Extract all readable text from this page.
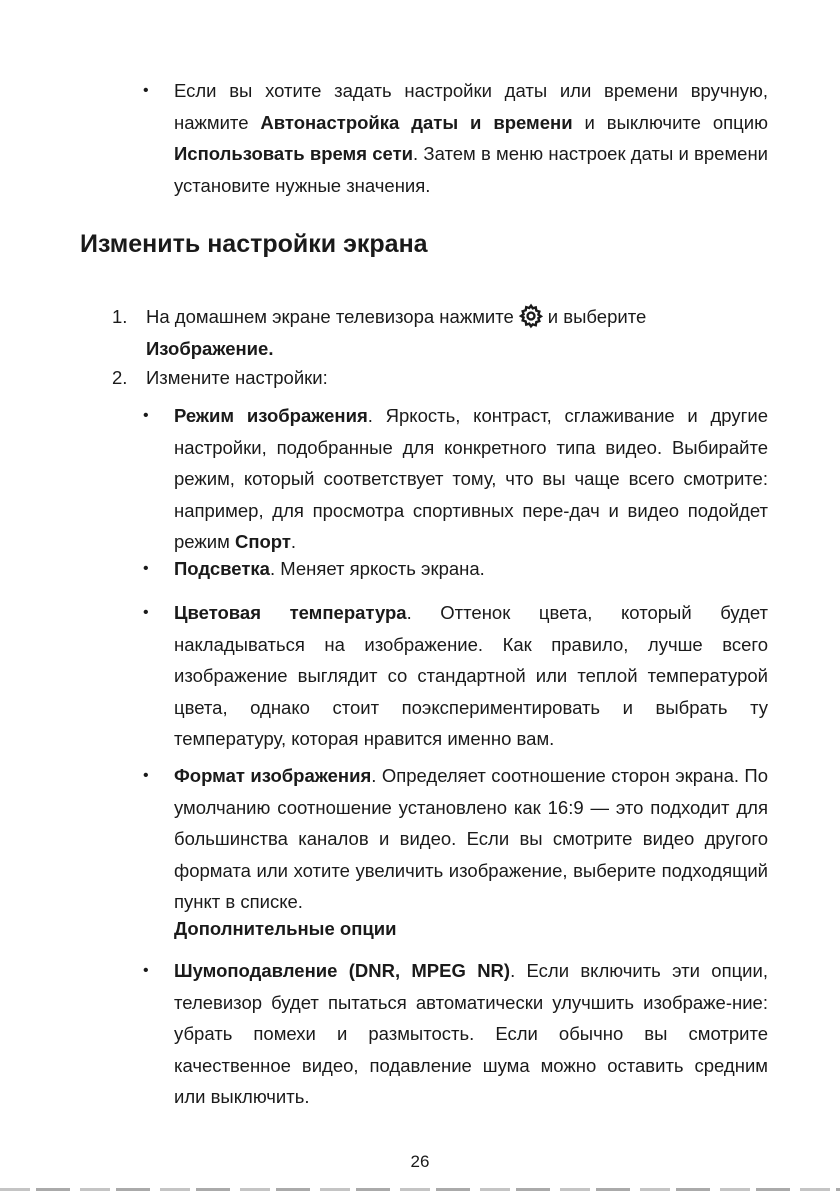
• Если вы хотите задать настройки даты или времени вручную, нажмите Автонастройка даты и времени и выключите опцию Использовать время сети. Затем в меню настроек даты и времени установите нужные значения.

Изменить настройки экрана
1. На домашнем экране телевизора нажмите и выберите
Изображение.

2. Измените настройки:

• Режим изображения. Яркость, контраст, сглаживание и другие настройки, подобранные для конкретного типа видео. Выбирайте режим, который соответствует тому, что вы чаще всего смотрите: например, для просмотра спортивных пере-дач и видео подойдет режим Спорт.

• Подсветка. Меняет яркость экрана.

• Цветовая температура. Оттенок цвета, который будет накладываться на изображение. Как правило, лучше всего изображение выглядит со стандартной или теплой температурой цвета, однако стоит поэкспериментировать и выбрать ту температуру, которая нравится именно вам.

• Формат изображения. Определяет соотношение сторон экрана. По умолчанию соотношение установлено как 16:9 — это подходит для большинства каналов и видео. Если вы смотрите видео другого формата или хотите увеличить изображение, выберите подходящий пункт в списке.

Дополнительные опции
• Шумоподавление (DNR, MPEG NR). Если включить эти опции, телевизор будет пытаться автоматически улучшить изображе-ние: убрать помехи и размытость. Если обычно вы смотрите качественное видео, подавление шума можно оставить средним или выключить.

26
